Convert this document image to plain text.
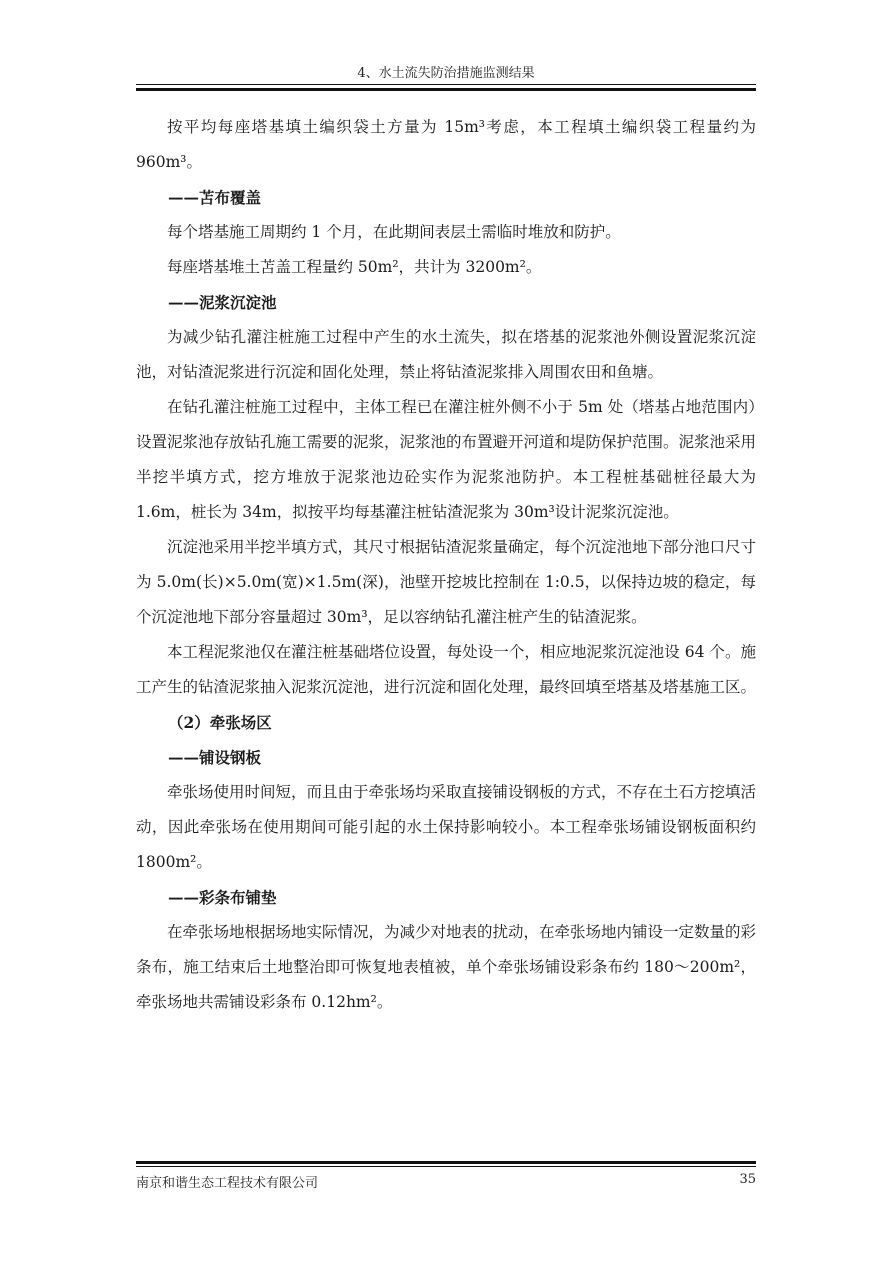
4、水土流失防治措施监测结果

按平均每座塔基填土编织袋土方量为 15m³考虑，本工程填土编织袋工程量约为 960m³。

——苫布覆盖

每个塔基施工周期约 1 个月，在此期间表层土需临时堆放和防护。

每座塔基堆土苫盖工程量约 50m²，共计为 3200m²。

——泥浆沉淀池

为减少钻孔灌注桩施工过程中产生的水土流失，拟在塔基的泥浆池外侧设置泥浆沉淀池，对钻渣泥浆进行沉淀和固化处理，禁止将钻渣泥浆排入周围农田和鱼塘。

在钻孔灌注桩施工过程中，主体工程已在灌注桩外侧不小于 5m 处（塔基占地范围内）设置泥浆池存放钻孔施工需要的泥浆，泥浆池的布置避开河道和堤防保护范围。泥浆池采用半挖半填方式，挖方堆放于泥浆池边砼实作为泥浆池防护。本工程桩基础桩径最大为 1.6m，桩长为 34m，拟按平均每基灌注桩钻渣泥浆为 30m³设计泥浆沉淀池。

沉淀池采用半挖半填方式，其尺寸根据钻渣泥浆量确定，每个沉淀池地下部分池口尺寸为 5.0m(长)×5.0m(宽)×1.5m(深)，池壁开挖坡比控制在 1:0.5，以保持边坡的稳定，每个沉淀池地下部分容量超过 30m³，足以容纳钻孔灌注桩产生的钻渣泥浆。

本工程泥浆池仅在灌注桩基础塔位设置，每处设一个，相应地泥浆沉淀池设 64 个。施工产生的钻渣泥浆抽入泥浆沉淀池，进行沉淀和固化处理，最终回填至塔基及塔基施工区。

（2）牵张场区

——铺设钢板

牵张场使用时间短，而且由于牵张场均采取直接铺设钢板的方式，不存在土石方挖填活动，因此牵张场在使用期间可能引起的水土保持影响较小。本工程牵张场铺设钢板面积约 1800m²。

——彩条布铺垫

在牵张场地根据场地实际情况，为减少对地表的扰动，在牵张场地内铺设一定数量的彩条布，施工结束后土地整治即可恢复地表植被，单个牵张场铺设彩条布约 180～200m²，牵张场地共需铺设彩条布 0.12hm²。

南京和谐生态工程技术有限公司	35
